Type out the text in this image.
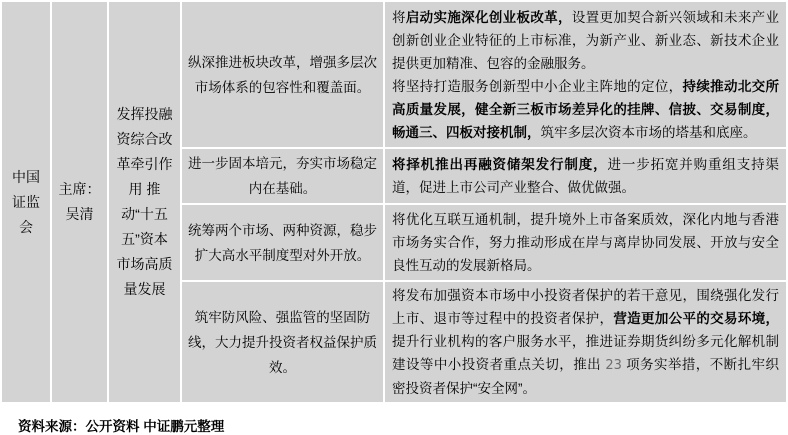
中国证监会	主席：吴清	发挥投融资综合改革牵引作用 推动“十五五”资本市场高质量发展	纵深推进板块改革，增强多层次市场体系的包容性和覆盖面。	将启动实施深化创业板改革，设置更加契合新兴领域和未来产业创新创业企业特征的上市标准，为新产业、新业态、新技术企业提供更加精准、包容的金融服务。

将坚持打造服务创新型中小企业主阵地的定位，持续推动北交所高质量发展，健全新三板市场差异化的挂牌、信披、交易制度，畅通三、四板对接机制，筑牢多层次资本市场的塔基和底座。

			进一步固本培元，夯实市场稳定内在基础。	将择机推出再融资储架发行制度，进一步拓宽并购重组支持渠道，促进上市公司产业整合、做优做强。

			统筹两个市场、两种资源，稳步扩大高水平制度型对外开放。	将优化互联互通机制，提升境外上市备案质效，深化内地与香港市场务实合作，努力推动形成在岸与离岸协同发展、开放与安全良性互动的发展新格局。

			筑牢防风险、强监管的坚固防线，大力提升投资者权益保护质效。	将发布加强资本市场中小投资者保护的若干意见，围绕强化发行上市、退市等过程中的投资者保护，营造更加公平的交易环境，提升行业机构的客户服务水平，推进证券期货纠纷多元化解机制建设等中小投资者重点关切，推出 23 项务实举措，不断扎牢织密投资者保护“安全网”。

资料来源：公开资料 中证鹏元整理
